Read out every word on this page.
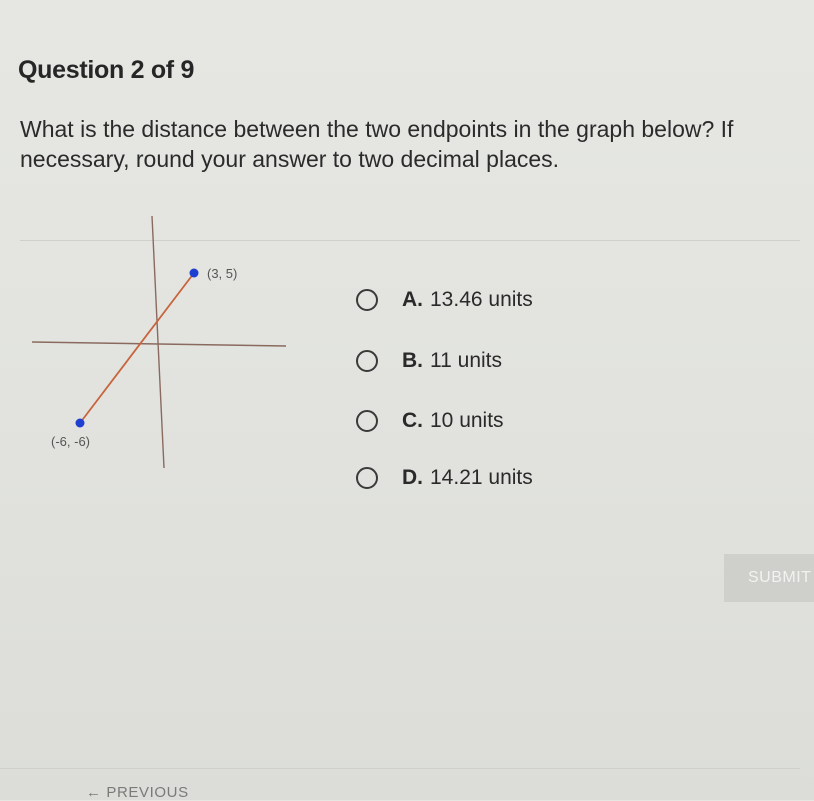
Question 2 of 9
What is the distance between the two endpoints in the graph below? If necessary, round your answer to two decimal places.
(3, 5)
(-6, -6)
A. 13.46 units
B. 11 units
C. 10 units
D. 14.21 units
SUBMIT
← PREVIOUS
